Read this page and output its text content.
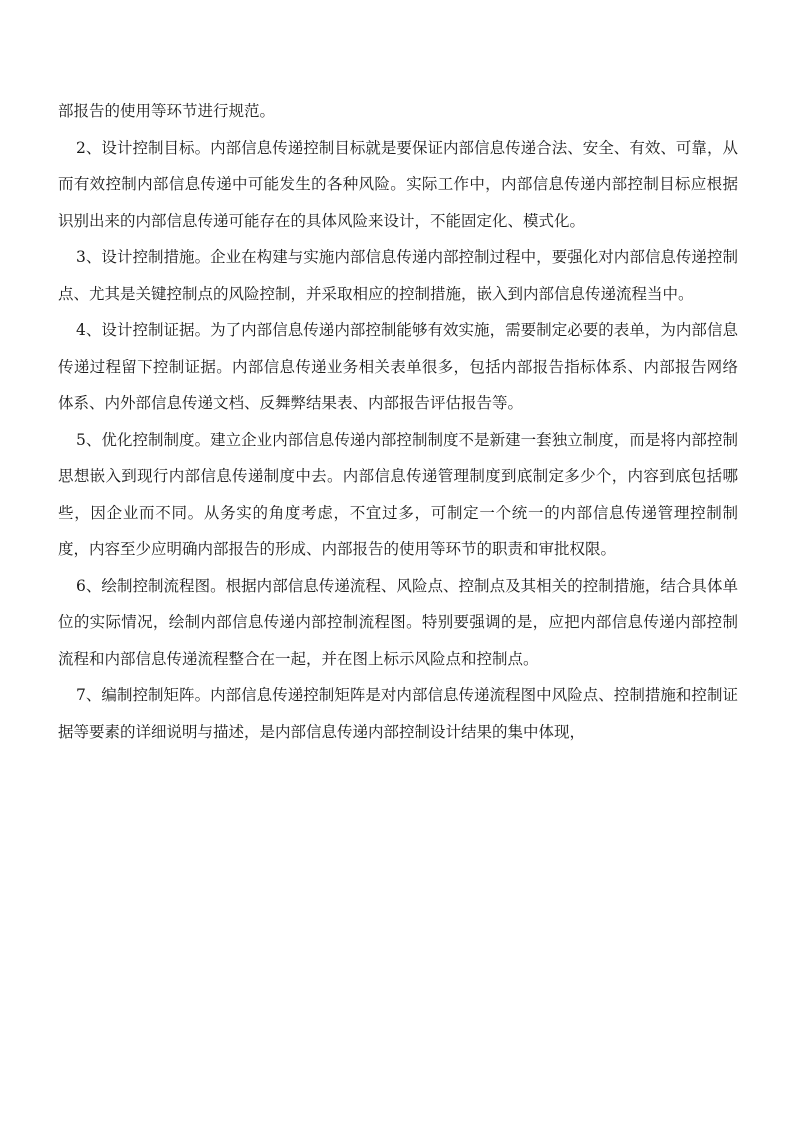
部报告的使用等环节进行规范。

2、设计控制目标。内部信息传递控制目标就是要保证内部信息传递合法、安全、有效、可靠，从而有效控制内部信息传递中可能发生的各种风险。实际工作中，内部信息传递内部控制目标应根据识别出来的内部信息传递可能存在的具体风险来设计，不能固定化、模式化。

3、设计控制措施。企业在构建与实施内部信息传递内部控制过程中，要强化对内部信息传递控制点、尤其是关键控制点的风险控制，并采取相应的控制措施，嵌入到内部信息传递流程当中。

4、设计控制证据。为了内部信息传递内部控制能够有效实施，需要制定必要的表单，为内部信息传递过程留下控制证据。内部信息传递业务相关表单很多，包括内部报告指标体系、内部报告网络体系、内外部信息传递文档、反舞弊结果表、内部报告评估报告等。

5、优化控制制度。建立企业内部信息传递内部控制制度不是新建一套独立制度，而是将内部控制思想嵌入到现行内部信息传递制度中去。内部信息传递管理制度到底制定多少个，内容到底包括哪些，因企业而不同。从务实的角度考虑，不宜过多，可制定一个统一的内部信息传递管理控制制度，内容至少应明确内部报告的形成、内部报告的使用等环节的职责和审批权限。

6、绘制控制流程图。根据内部信息传递流程、风险点、控制点及其相关的控制措施，结合具体单位的实际情况，绘制内部信息传递内部控制流程图。特别要强调的是，应把内部信息传递内部控制流程和内部信息传递流程整合在一起，并在图上标示风险点和控制点。

7、编制控制矩阵。内部信息传递控制矩阵是对内部信息传递流程图中风险点、控制措施和控制证据等要素的详细说明与描述，是内部信息传递内部控制设计结果的集中体现，
